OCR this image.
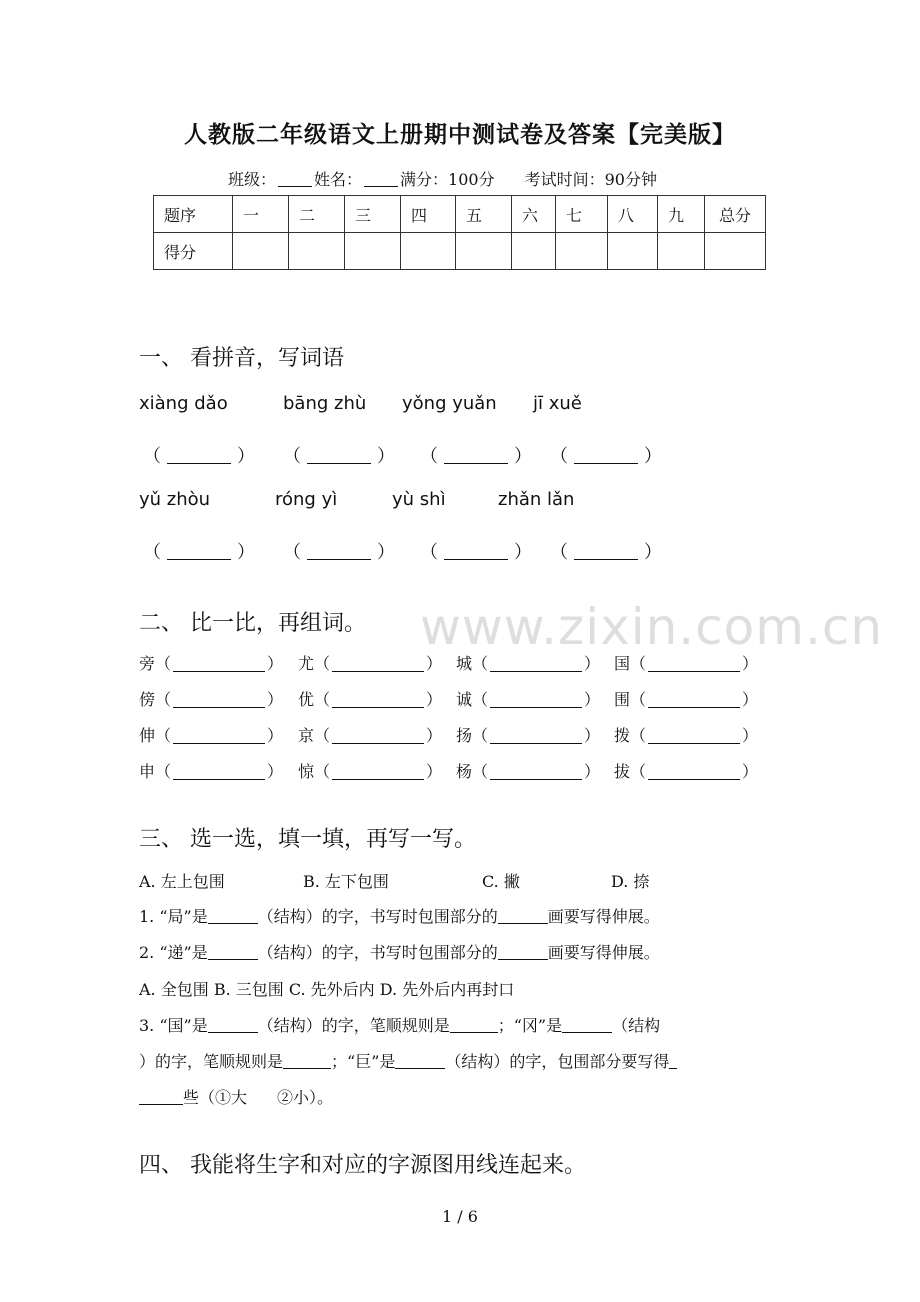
人教版二年级语文上册期中测试卷及答案【完美版】
班级： 姓名： 满分：100分 考试时间：90分钟
题序	一	二	三	四	五	六	七	八	九	总分
得分										
一、 看拼音，写词语
xiàng dǎo	bāng zhù yǒng yuǎn jī xuě
（	） （	） （	） （	）
yǔ zhòu	róng yì	yù shì	zhǎn lǎn
（	） （	） （	） （	）
www.zixin.com.cn
二、 比一比，再组词。
旁（	） 尤（	） 城（	） 国（	）
傍（	） 优（	） 诚（	） 围（	）
伸（	） 京（	） 扬（	） 拨（	）
申（	） 惊（	） 杨（	） 拔（	）
三、 选一选，填一填，再写一写。
A. 左上包围	B. 左下包围	C. 撇	D. 捺
1. “局”是	（结构）的字，书写时包围部分的	画要写得伸展。
2. “递”是	（结构）的字，书写时包围部分的	画要写得伸展。
A. 全包围 B. 三包围 C. 先外后内 D. 先外后内再封口
3. “国”是	（结构）的字，笔顺规则是	；“冈”是	（结构
）的字，笔顺规则是	；“巨”是	（结构）的字，包围部分要写得
些（①大 ②小）。
四、 我能将生字和对应的字源图用线连起来。
1 / 6
